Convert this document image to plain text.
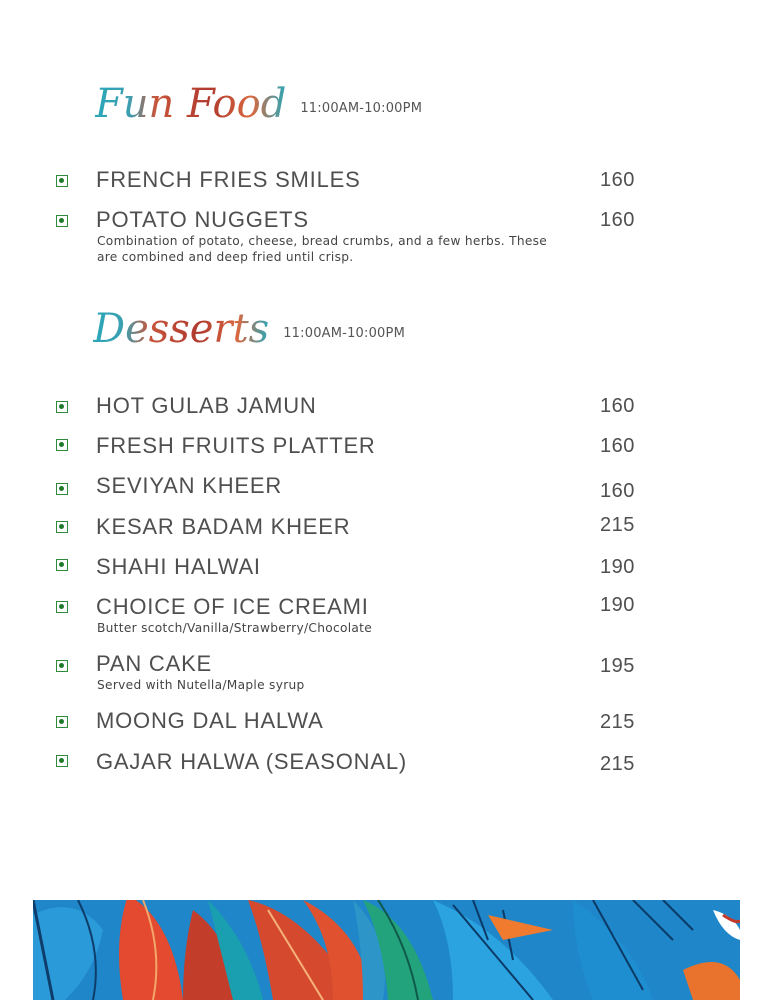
Fun Food 11:00AM-10:00PM
FRENCH FRIES SMILES	160
POTATO NUGGETS	160
Combination of potato, cheese, bread crumbs, and a few herbs. These are combined and deep fried until crisp.
Desserts 11:00AM-10:00PM
HOT GULAB JAMUN	160
FRESH FRUITS PLATTER	160
SEVIYAN KHEER	160
KESAR BADAM KHEER	215
SHAHI HALWAI	190
CHOICE OF ICE CREAMI	190
Butter scotch/Vanilla/Strawberry/Chocolate
PAN CAKE	195
Served with Nutella/Maple syrup
MOONG DAL HALWA	215
GAJAR HALWA (SEASONAL)	215
